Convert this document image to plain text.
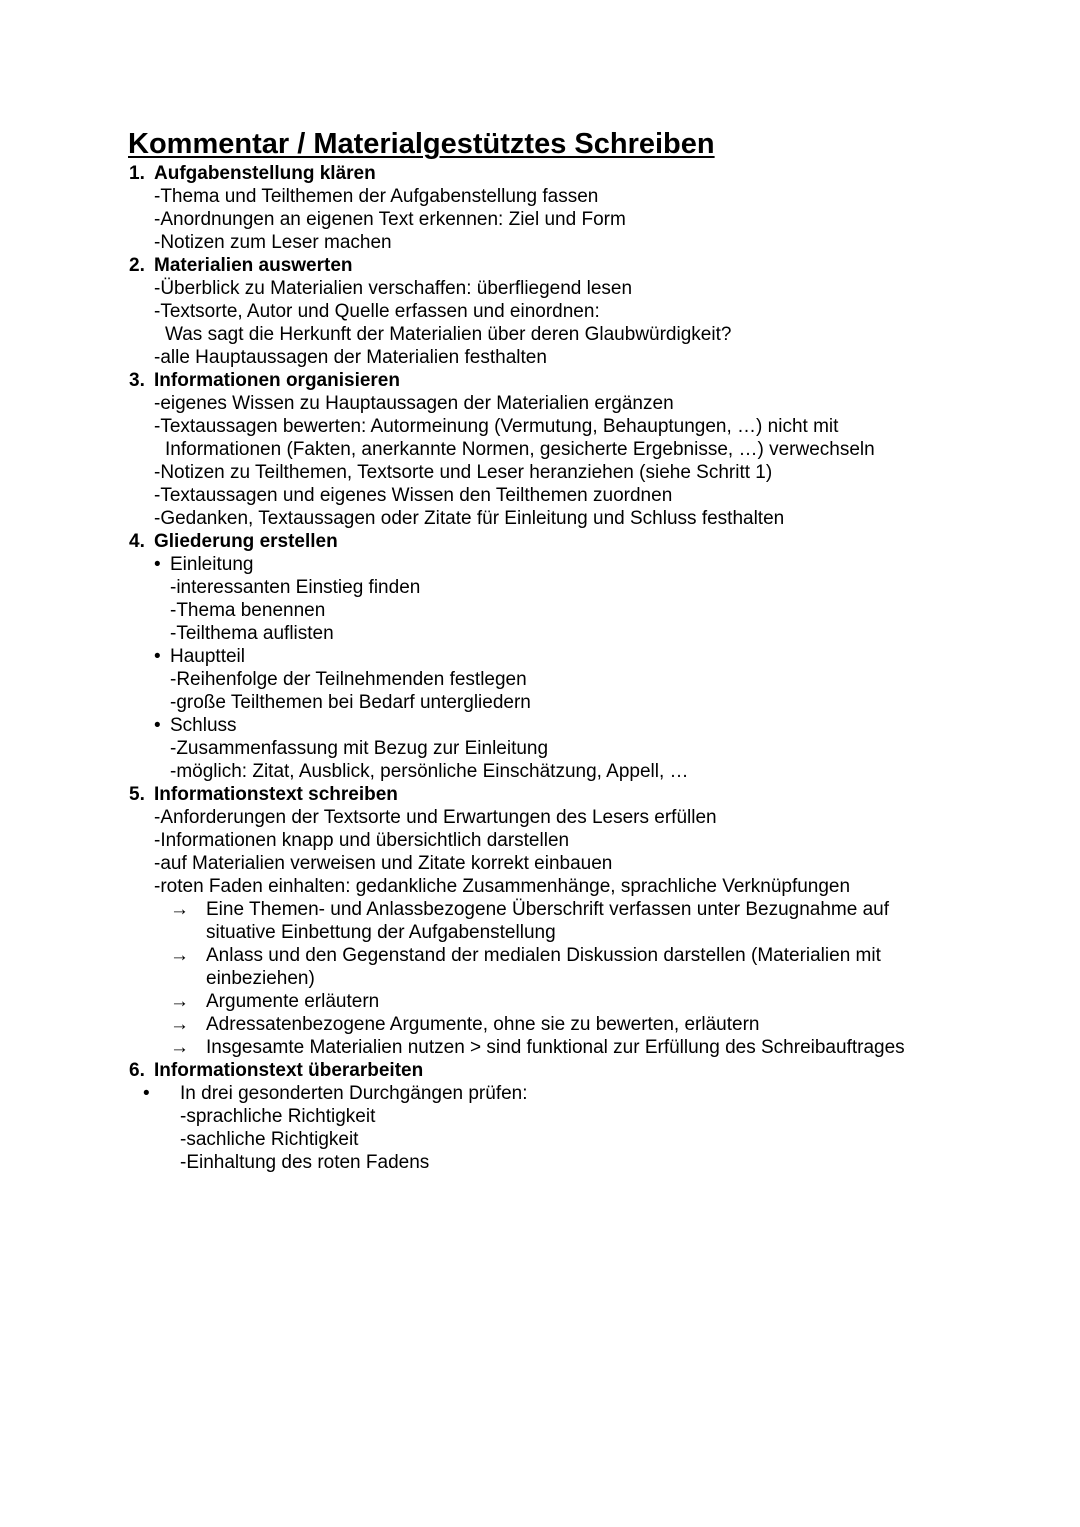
Kommentar / Materialgestütztes Schreiben
1. Aufgabenstellung klären
-Thema und Teilthemen der Aufgabenstellung fassen
-Anordnungen an eigenen Text erkennen: Ziel und Form
-Notizen zum Leser machen
2. Materialien auswerten
-Überblick zu Materialien verschaffen: überfliegend lesen
-Textsorte, Autor und Quelle erfassen und einordnen:
Was sagt die Herkunft der Materialien über deren Glaubwürdigkeit?
-alle Hauptaussagen der Materialien festhalten
3. Informationen organisieren
-eigenes Wissen zu Hauptaussagen der Materialien ergänzen
-Textaussagen bewerten: Autormeinung (Vermutung, Behauptungen, …) nicht mit
Informationen (Fakten, anerkannte Normen, gesicherte Ergebnisse, …) verwechseln
-Notizen zu Teilthemen, Textsorte und Leser heranziehen (siehe Schritt 1)
-Textaussagen und eigenes Wissen den Teilthemen zuordnen
-Gedanken, Textaussagen oder Zitate für Einleitung und Schluss festhalten
4. Gliederung erstellen
• Einleitung
-interessanten Einstieg finden
-Thema benennen
-Teilthema auflisten
• Hauptteil
-Reihenfolge der Teilnehmenden festlegen
-große Teilthemen bei Bedarf untergliedern
• Schluss
-Zusammenfassung mit Bezug zur Einleitung
-möglich: Zitat, Ausblick, persönliche Einschätzung, Appell, …
5. Informationstext schreiben
-Anforderungen der Textsorte und Erwartungen des Lesers erfüllen
-Informationen knapp und übersichtlich darstellen
-auf Materialien verweisen und Zitate korrekt einbauen
-roten Faden einhalten: gedankliche Zusammenhänge, sprachliche Verknüpfungen
→ Eine Themen- und Anlassbezogene Überschrift verfassen unter Bezugnahme auf
situative Einbettung der Aufgabenstellung
→ Anlass und den Gegenstand der medialen Diskussion darstellen (Materialien mit
einbeziehen)
→ Argumente erläutern
→ Adressatenbezogene Argumente, ohne sie zu bewerten, erläutern
→ Insgesamte Materialien nutzen > sind funktional zur Erfüllung des Schreibauftrages
6. Informationstext überarbeiten
• In drei gesonderten Durchgängen prüfen:
-sprachliche Richtigkeit
-sachliche Richtigkeit
-Einhaltung des roten Fadens
